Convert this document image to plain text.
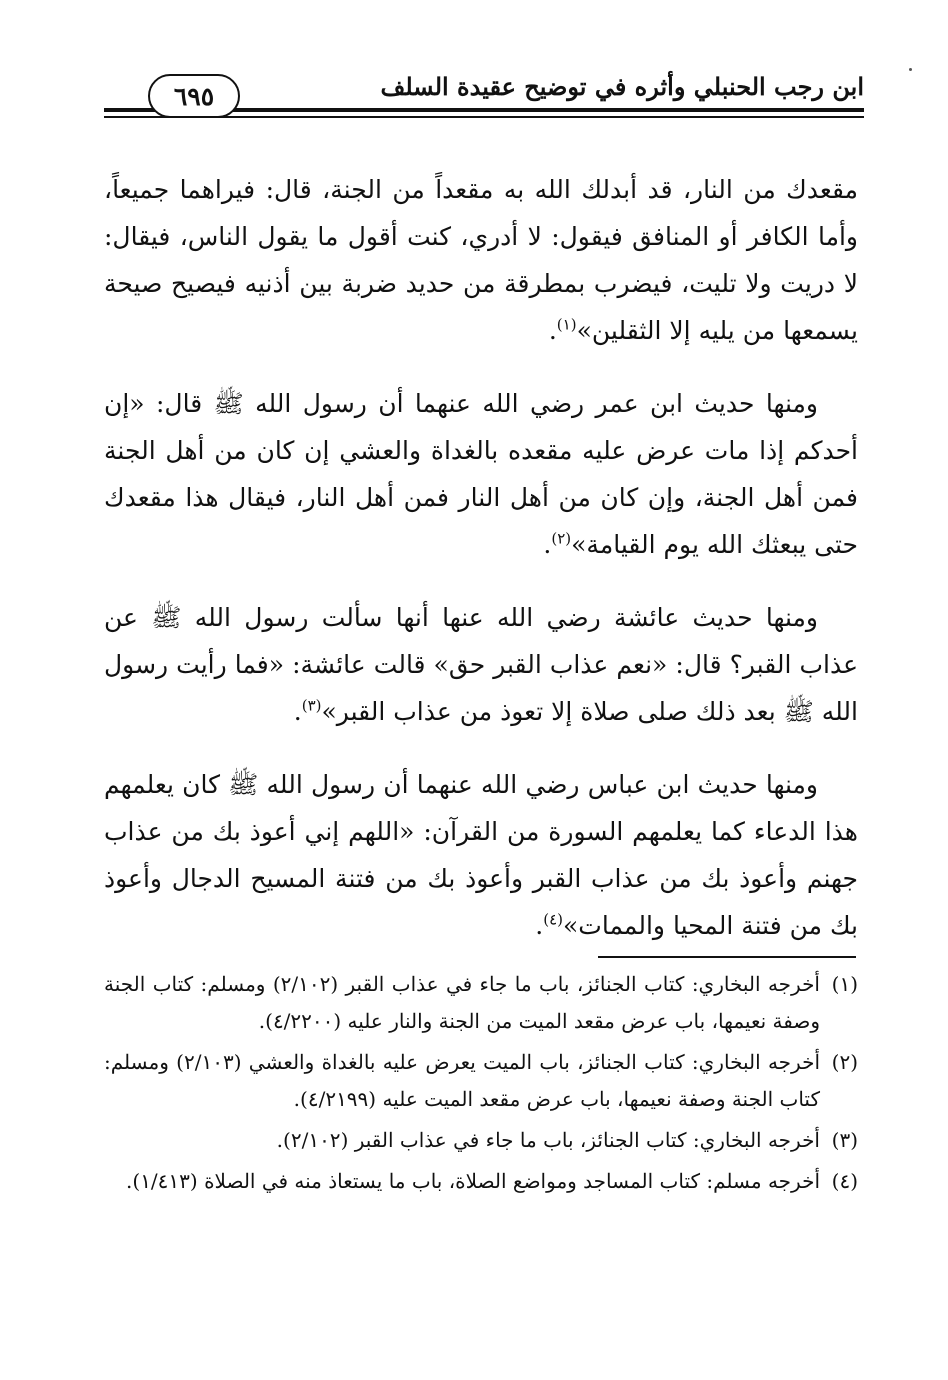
ابن رجب الحنبلي وأثره في توضيح عقيدة السلف
٦٩٥

مقعدك من النار، قد أبدلك الله به مقعداً من الجنة، قال: فيراهما جميعاً، وأما الكافر أو المنافق فيقول: لا أدري، كنت أقول ما يقول الناس، فيقال: لا دريت ولا تليت، فيضرب بمطرقة من حديد ضربة بين أذنيه فيصيح صيحة يسمعها من يليه إلا الثقلين»$^{(١)}$.

ومنها حديث ابن عمر رضي الله عنهما أن رسول الله ﷺ قال: «إن أحدكم إذا مات عرض عليه مقعده بالغداة والعشي إن كان من أهل الجنة فمن أهل الجنة، وإن كان من أهل النار فمن أهل النار، فيقال هذا مقعدك حتى يبعثك الله يوم القيامة»$^{(٢)}$.

ومنها حديث عائشة رضي الله عنها أنها سألت رسول الله ﷺ عن عذاب القبر؟ قال: «نعم عذاب القبر حق» قالت عائشة: «فما رأيت رسول الله ﷺ بعد ذلك صلى صلاة إلا تعوذ من عذاب القبر»$^{(٣)}$.

ومنها حديث ابن عباس رضي الله عنهما أن رسول الله ﷺ كان يعلمهم هذا الدعاء كما يعلمهم السورة من القرآن: «اللهم إني أعوذ بك من عذاب جهنم وأعوذ بك من عذاب القبر وأعوذ بك من فتنة المسيح الدجال وأعوذ بك من فتنة المحيا والممات»$^{(٤)}$.

(١)
أخرجه البخاري: كتاب الجنائز، باب ما جاء في عذاب القبر (٢/١٠٢) ومسلم: كتاب الجنة وصفة نعيمها، باب عرض مقعد الميت من الجنة والنار عليه (٤/٢٢٠٠).
(٢)
أخرجه البخاري: كتاب الجنائز، باب الميت يعرض عليه بالغداة والعشي (٢/١٠٣) ومسلم: كتاب الجنة وصفة نعيمها، باب عرض مقعد الميت عليه (٤/٢١٩٩).
(٣)
أخرجه البخاري: كتاب الجنائز، باب ما جاء في عذاب القبر (٢/١٠٢).
(٤)
أخرجه مسلم: كتاب المساجد ومواضع الصلاة، باب ما يستعاذ منه في الصلاة (١/٤١٣).
